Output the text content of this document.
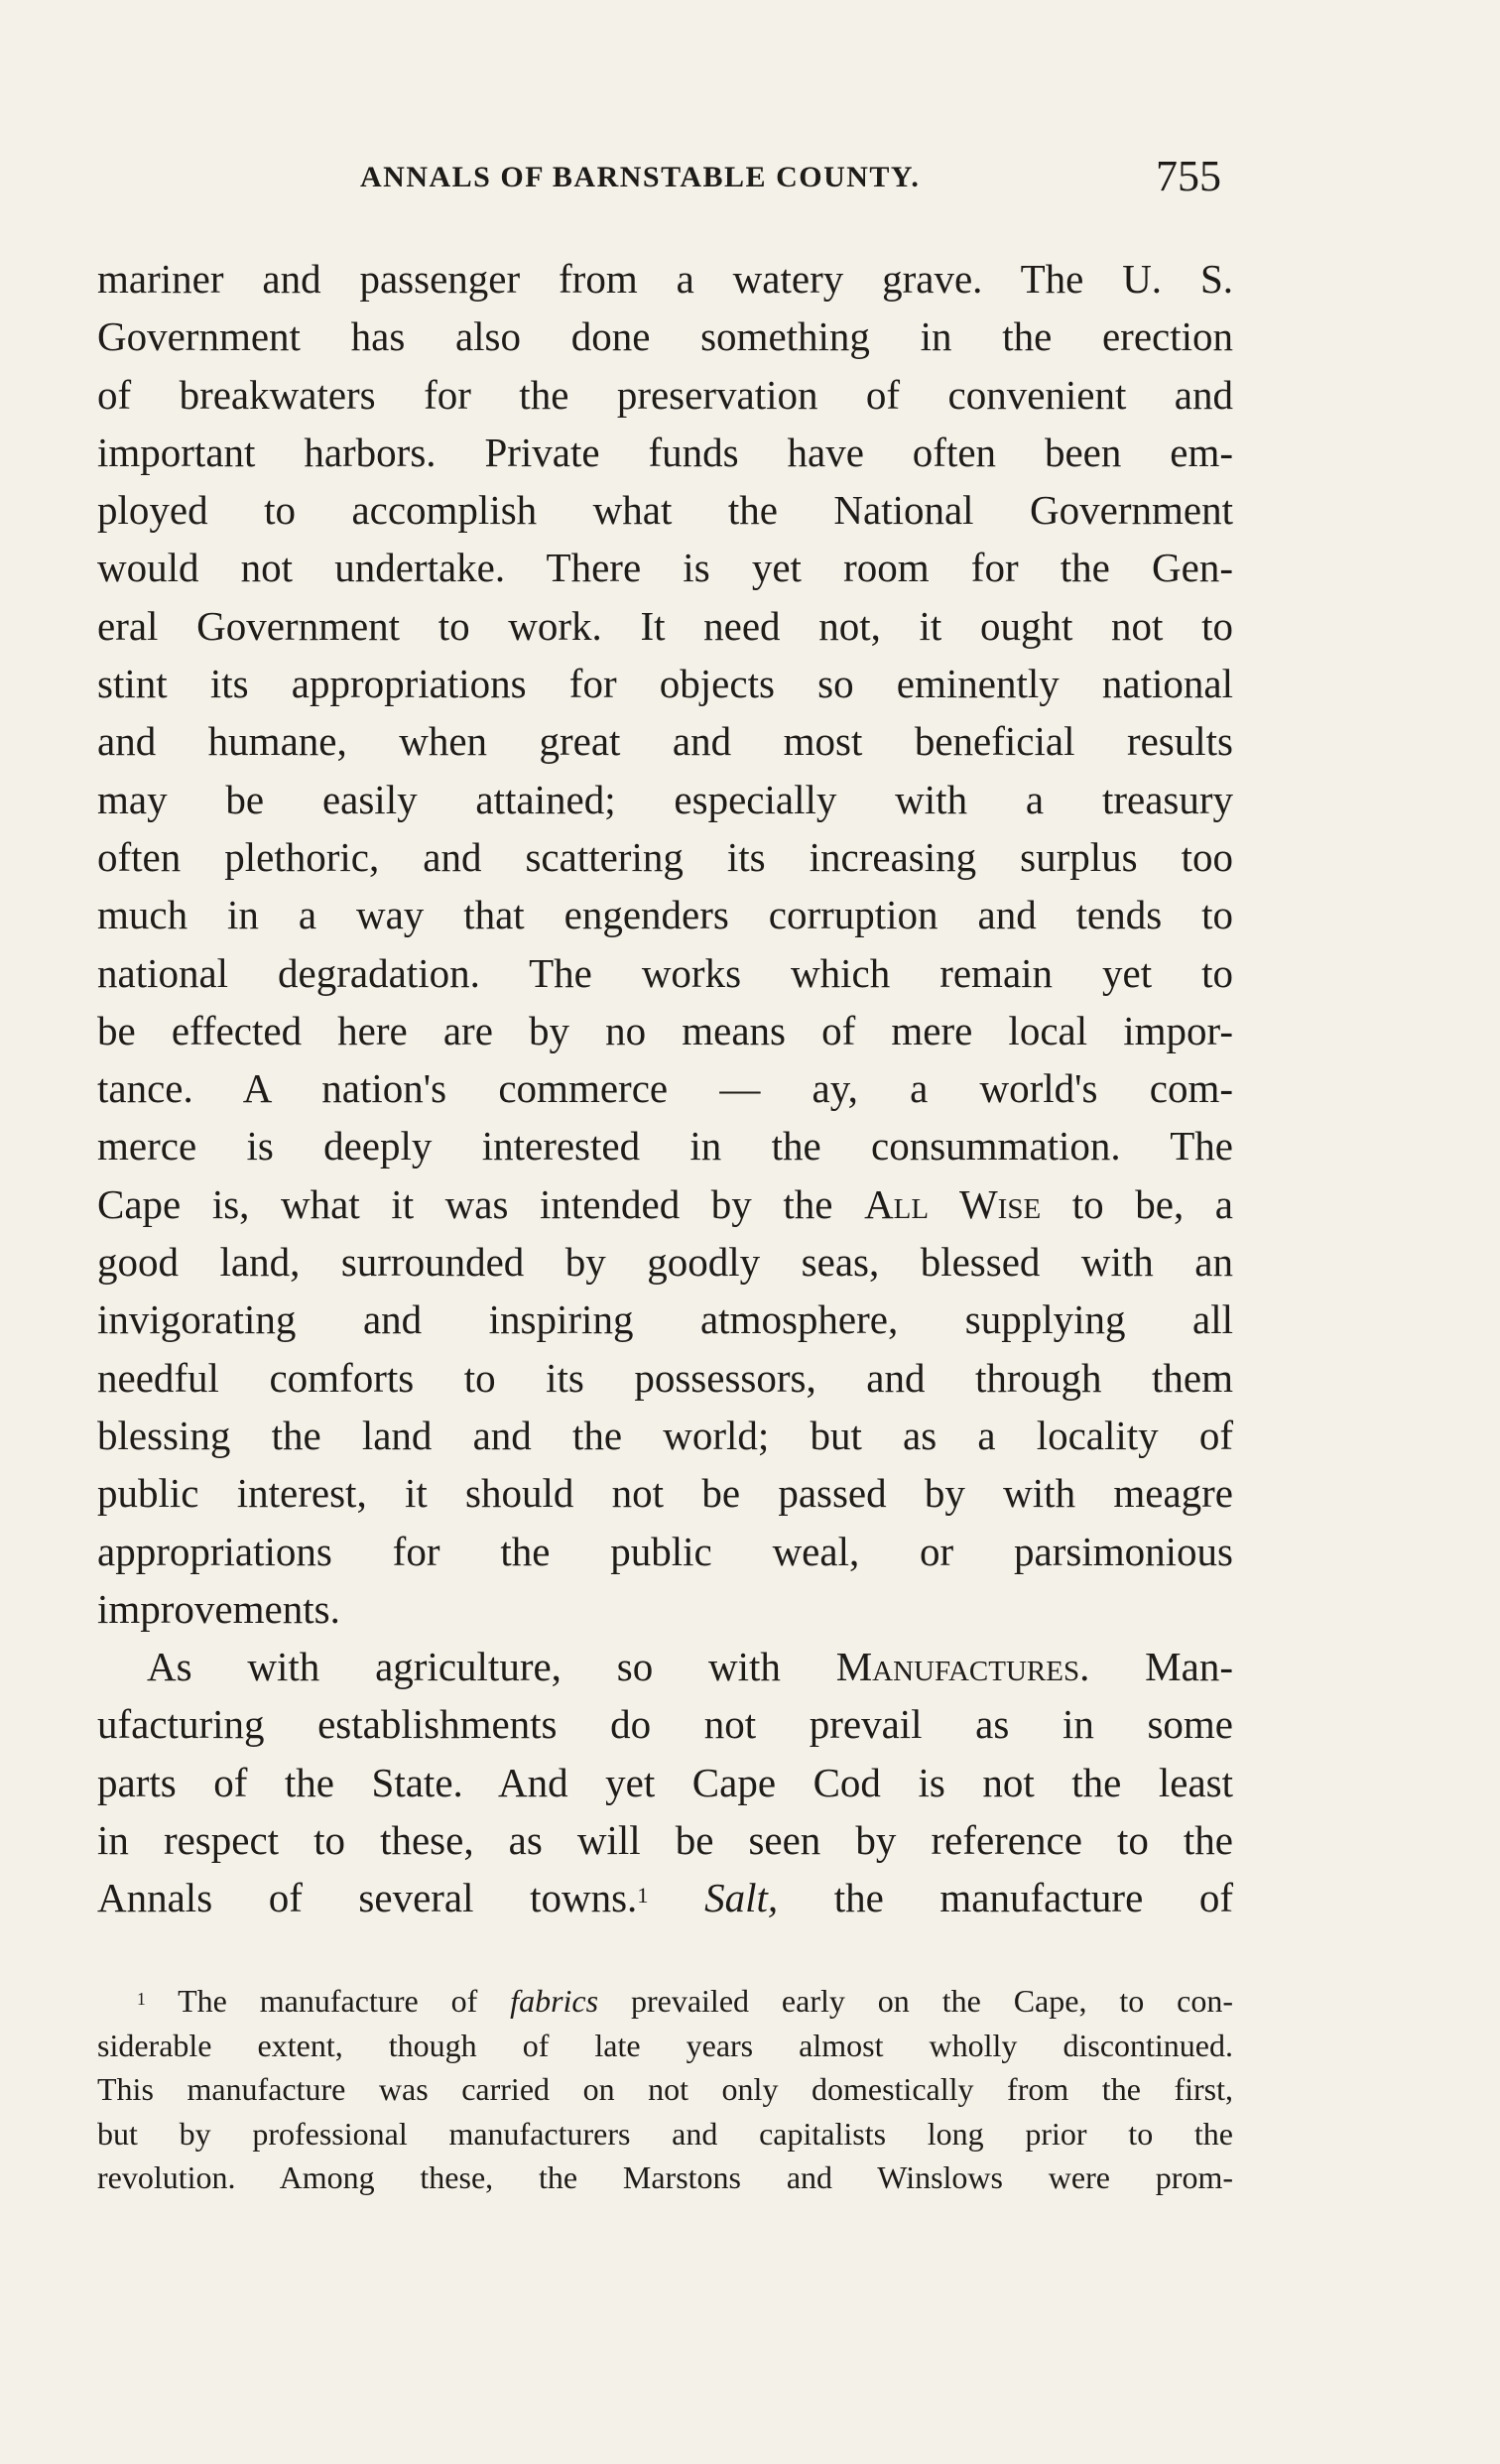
ANNALS OF BARNSTABLE COUNTY.	755
mariner and passenger from a watery grave. The U. S.
Government has also done something in the erection
of breakwaters for the preservation of convenient and
important harbors. Private funds have often been em-
ployed to accomplish what the National Government
would not undertake. There is yet room for the Gen-
eral Government to work. It need not, it ought not to
stint its appropriations for objects so eminently national
and humane, when great and most beneficial results
may be easily attained; especially with a treasury
often plethoric, and scattering its increasing surplus too
much in a way that engenders corruption and tends to
national degradation. The works which remain yet to
be effected here are by no means of mere local impor-
tance. A nation's commerce — ay, a world's com-
merce is deeply interested in the consummation. The
Cape is, what it was intended by the All Wise to be, a
good land, surrounded by goodly seas, blessed with an
invigorating and inspiring atmosphere, supplying all
needful comforts to its possessors, and through them
blessing the land and the world; but as a locality of
public interest, it should not be passed by with meagre
appropriations for the public weal, or parsimonious
improvements.
As with agriculture, so with Manufactures. Man-
ufacturing establishments do not prevail as in some
parts of the State. And yet Cape Cod is not the least
in respect to these, as will be seen by reference to the
Annals of several towns.$^1$ Salt, the manufacture of
$^1$ The manufacture of fabrics prevailed early on the Cape, to con-
siderable extent, though of late years almost wholly discontinued.
This manufacture was carried on not only domestically from the first,
but by professional manufacturers and capitalists long prior to the
revolution. Among these, the Marstons and Winslows were prom-
